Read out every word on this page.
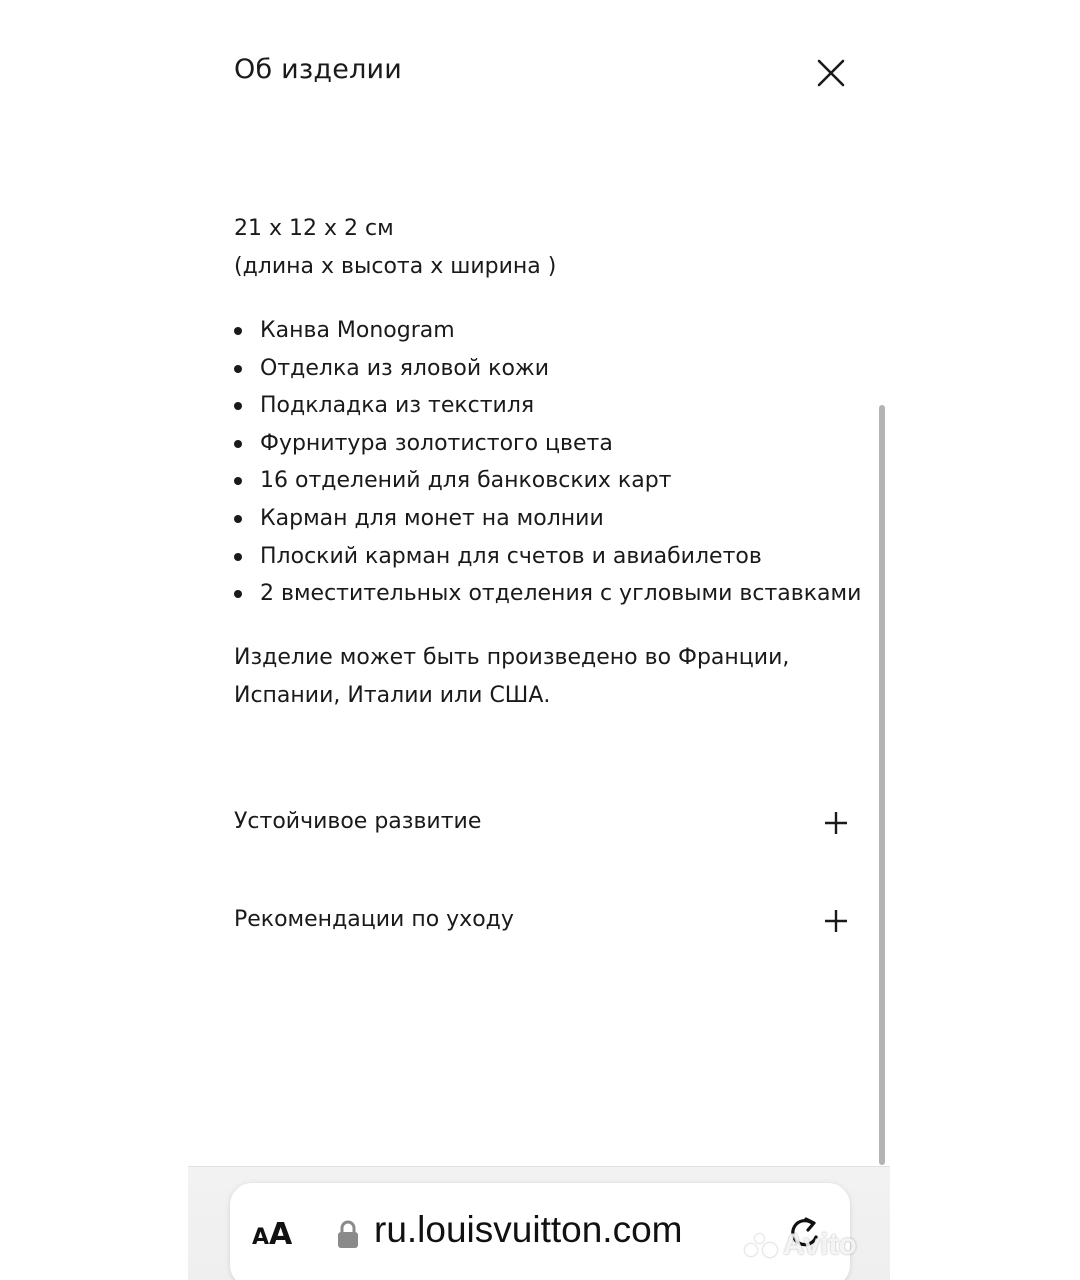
Об изделии
21 x 12 x 2 см
(длина x высота x ширина )
Канва Monogram
Отделка из яловой кожи
Подкладка из текстиля
Фурнитура золотистого цвета
16 отделений для банковских карт
Карман для монет на молнии
Плоский карман для счетов и авиабилетов
2 вместительных отделения с угловыми вставками
Изделие может быть произведено во Франции,
Испании, Италии или США.
Устойчивое развитие
Рекомендации по уходу
AA ru.louisvuitton.com	Avito
